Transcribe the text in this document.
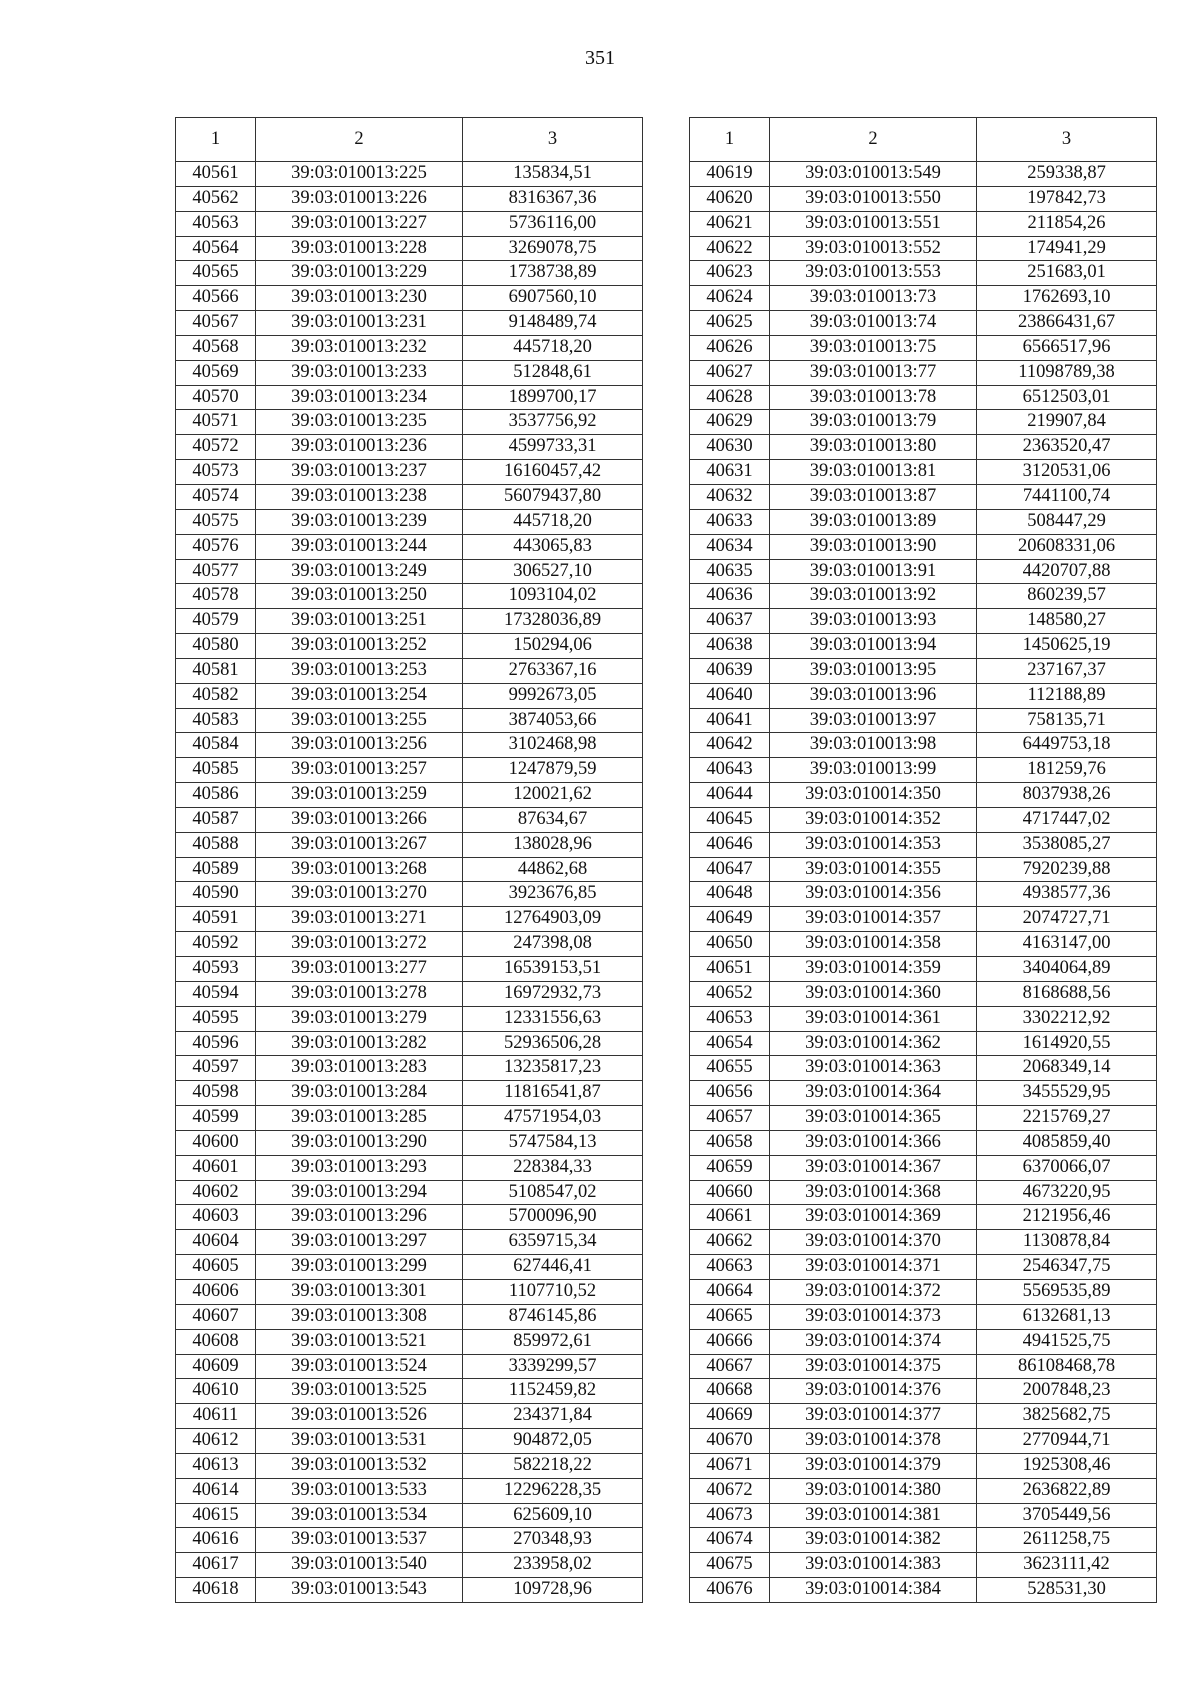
351
1	2	3
40561	39:03:010013:225	135834,51
40562	39:03:010013:226	8316367,36
40563	39:03:010013:227	5736116,00
40564	39:03:010013:228	3269078,75
40565	39:03:010013:229	1738738,89
40566	39:03:010013:230	6907560,10
40567	39:03:010013:231	9148489,74
40568	39:03:010013:232	445718,20
40569	39:03:010013:233	512848,61
40570	39:03:010013:234	1899700,17
40571	39:03:010013:235	3537756,92
40572	39:03:010013:236	4599733,31
40573	39:03:010013:237	16160457,42
40574	39:03:010013:238	56079437,80
40575	39:03:010013:239	445718,20
40576	39:03:010013:244	443065,83
40577	39:03:010013:249	306527,10
40578	39:03:010013:250	1093104,02
40579	39:03:010013:251	17328036,89
40580	39:03:010013:252	150294,06
40581	39:03:010013:253	2763367,16
40582	39:03:010013:254	9992673,05
40583	39:03:010013:255	3874053,66
40584	39:03:010013:256	3102468,98
40585	39:03:010013:257	1247879,59
40586	39:03:010013:259	120021,62
40587	39:03:010013:266	87634,67
40588	39:03:010013:267	138028,96
40589	39:03:010013:268	44862,68
40590	39:03:010013:270	3923676,85
40591	39:03:010013:271	12764903,09
40592	39:03:010013:272	247398,08
40593	39:03:010013:277	16539153,51
40594	39:03:010013:278	16972932,73
40595	39:03:010013:279	12331556,63
40596	39:03:010013:282	52936506,28
40597	39:03:010013:283	13235817,23
40598	39:03:010013:284	11816541,87
40599	39:03:010013:285	47571954,03
40600	39:03:010013:290	5747584,13
40601	39:03:010013:293	228384,33
40602	39:03:010013:294	5108547,02
40603	39:03:010013:296	5700096,90
40604	39:03:010013:297	6359715,34
40605	39:03:010013:299	627446,41
40606	39:03:010013:301	1107710,52
40607	39:03:010013:308	8746145,86
40608	39:03:010013:521	859972,61
40609	39:03:010013:524	3339299,57
40610	39:03:010013:525	1152459,82
40611	39:03:010013:526	234371,84
40612	39:03:010013:531	904872,05
40613	39:03:010013:532	582218,22
40614	39:03:010013:533	12296228,35
40615	39:03:010013:534	625609,10
40616	39:03:010013:537	270348,93
40617	39:03:010013:540	233958,02
40618	39:03:010013:543	109728,96
1	2	3
40619	39:03:010013:549	259338,87
40620	39:03:010013:550	197842,73
40621	39:03:010013:551	211854,26
40622	39:03:010013:552	174941,29
40623	39:03:010013:553	251683,01
40624	39:03:010013:73	1762693,10
40625	39:03:010013:74	23866431,67
40626	39:03:010013:75	6566517,96
40627	39:03:010013:77	11098789,38
40628	39:03:010013:78	6512503,01
40629	39:03:010013:79	219907,84
40630	39:03:010013:80	2363520,47
40631	39:03:010013:81	3120531,06
40632	39:03:010013:87	7441100,74
40633	39:03:010013:89	508447,29
40634	39:03:010013:90	20608331,06
40635	39:03:010013:91	4420707,88
40636	39:03:010013:92	860239,57
40637	39:03:010013:93	148580,27
40638	39:03:010013:94	1450625,19
40639	39:03:010013:95	237167,37
40640	39:03:010013:96	112188,89
40641	39:03:010013:97	758135,71
40642	39:03:010013:98	6449753,18
40643	39:03:010013:99	181259,76
40644	39:03:010014:350	8037938,26
40645	39:03:010014:352	4717447,02
40646	39:03:010014:353	3538085,27
40647	39:03:010014:355	7920239,88
40648	39:03:010014:356	4938577,36
40649	39:03:010014:357	2074727,71
40650	39:03:010014:358	4163147,00
40651	39:03:010014:359	3404064,89
40652	39:03:010014:360	8168688,56
40653	39:03:010014:361	3302212,92
40654	39:03:010014:362	1614920,55
40655	39:03:010014:363	2068349,14
40656	39:03:010014:364	3455529,95
40657	39:03:010014:365	2215769,27
40658	39:03:010014:366	4085859,40
40659	39:03:010014:367	6370066,07
40660	39:03:010014:368	4673220,95
40661	39:03:010014:369	2121956,46
40662	39:03:010014:370	1130878,84
40663	39:03:010014:371	2546347,75
40664	39:03:010014:372	5569535,89
40665	39:03:010014:373	6132681,13
40666	39:03:010014:374	4941525,75
40667	39:03:010014:375	86108468,78
40668	39:03:010014:376	2007848,23
40669	39:03:010014:377	3825682,75
40670	39:03:010014:378	2770944,71
40671	39:03:010014:379	1925308,46
40672	39:03:010014:380	2636822,89
40673	39:03:010014:381	3705449,56
40674	39:03:010014:382	2611258,75
40675	39:03:010014:383	3623111,42
40676	39:03:010014:384	528531,30
